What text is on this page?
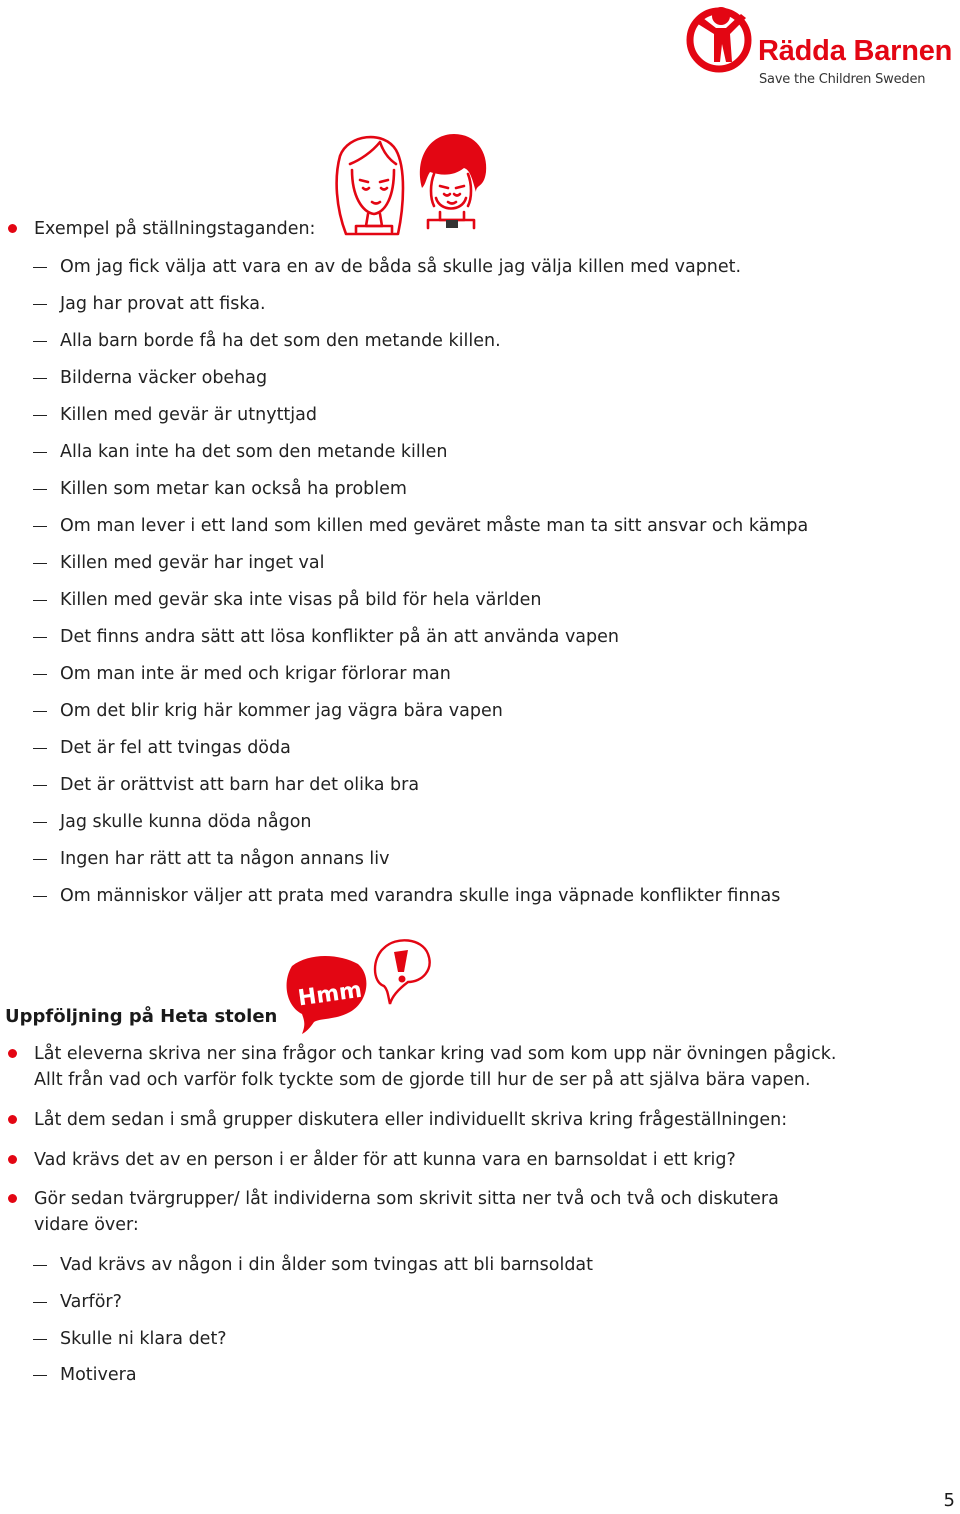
Rädda Barnen
Save the Children Sweden
Exempel på ställningstaganden:
Om jag fick välja att vara en av de båda så skulle jag välja killen med vapnet.
Jag har provat att fiska.
Alla barn borde få ha det som den metande killen.
Bilderna väcker obehag
Killen med gevär är utnyttjad
Alla kan inte ha det som den metande killen
Killen som metar kan också ha problem
Om man lever i ett land som killen med geväret måste man ta sitt ansvar och kämpa
Killen med gevär har inget val
Killen med gevär ska inte visas på bild för hela världen
Det finns andra sätt att lösa konflikter på än att använda vapen
Om man inte är med och krigar förlorar man
Om det blir krig här kommer jag vägra bära vapen
Det är fel att tvingas döda
Det är orättvist att barn har det olika bra
Jag skulle kunna döda någon
Ingen har rätt att ta någon annans liv
Om människor väljer att prata med varandra skulle inga väpnade konflikter finnas
Hmm
Uppföljning på Heta stolen
Låt eleverna skriva ner sina frågor och tankar kring vad som kom upp när övningen pågick.
Allt från vad och varför folk tyckte som de gjorde till hur de ser på att själva bära vapen.
Låt dem sedan i små grupper diskutera eller individuellt skriva kring frågeställningen:
Vad krävs det av en person i er ålder för att kunna vara en barnsoldat i ett krig?
Gör sedan tvärgrupper/ låt individerna som skrivit sitta ner två och två och diskutera
vidare över:
Vad krävs av någon i din ålder som tvingas att bli barnsoldat
Varför?
Skulle ni klara det?
Motivera
5
